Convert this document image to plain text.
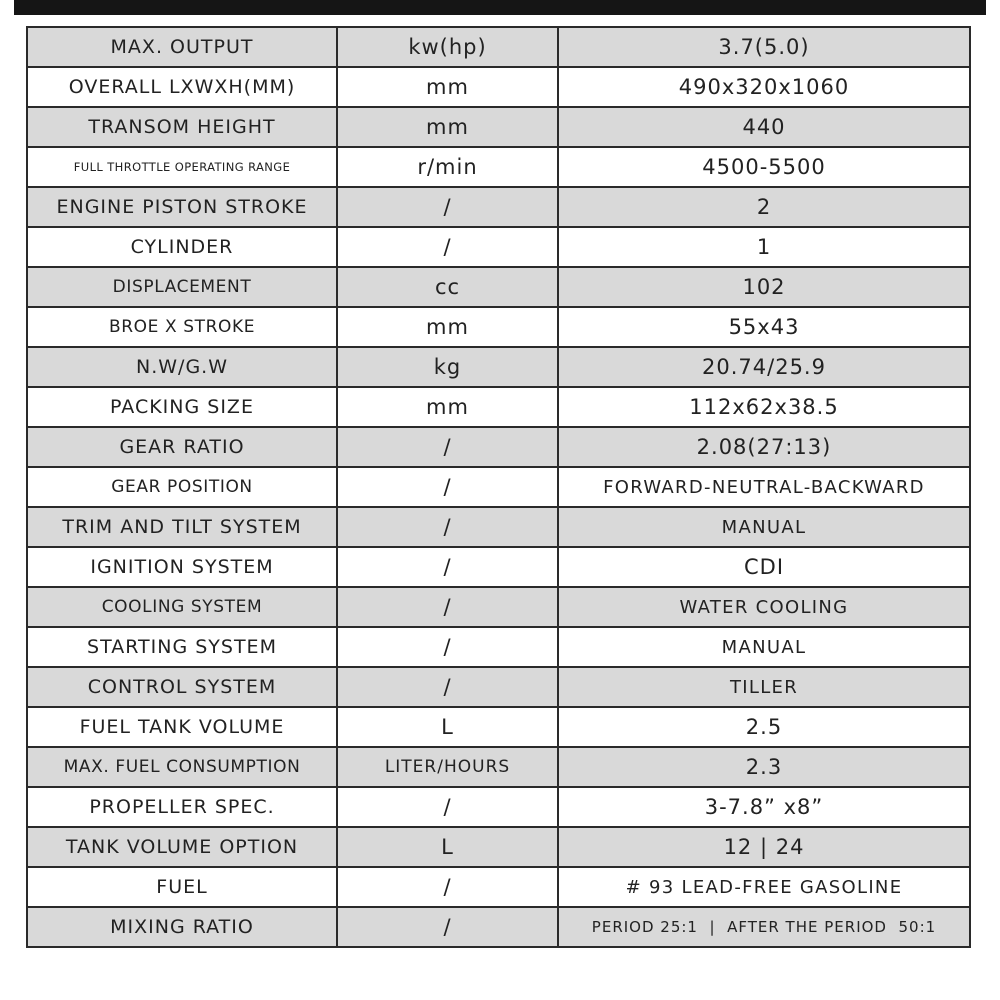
MAX. OUTPUT	kw(hp)	3.7(5.0)
OVERALL LXWXH(MM)	mm	490x320x1060
TRANSOM HEIGHT	mm	440
FULL THROTTLE OPERATING RANGE	r/min	4500-5500
ENGINE PISTON STROKE	/	2
CYLINDER	/	1
DISPLACEMENT	cc	102
BROE X STROKE	mm	55x43
N.W/G.W	kg	20.74/25.9
PACKING SIZE	mm	112x62x38.5
GEAR RATIO	/	2.08(27:13)
GEAR POSITION	/	FORWARD-NEUTRAL-BACKWARD
TRIM AND TILT SYSTEM	/	MANUAL
IGNITION SYSTEM	/	CDI
COOLING SYSTEM	/	WATER COOLING
STARTING SYSTEM	/	MANUAL
CONTROL SYSTEM	/	TILLER
FUEL TANK VOLUME	L	2.5
MAX. FUEL CONSUMPTION	LITER/HOURS	2.3
PROPELLER SPEC.	/	3-7.8” x8”
TANK VOLUME OPTION	L	12 | 24
FUEL	/	# 93 LEAD-FREE GASOLINE
MIXING RATIO	/	PERIOD 25:1  |  AFTER THE PERIOD  50:1
